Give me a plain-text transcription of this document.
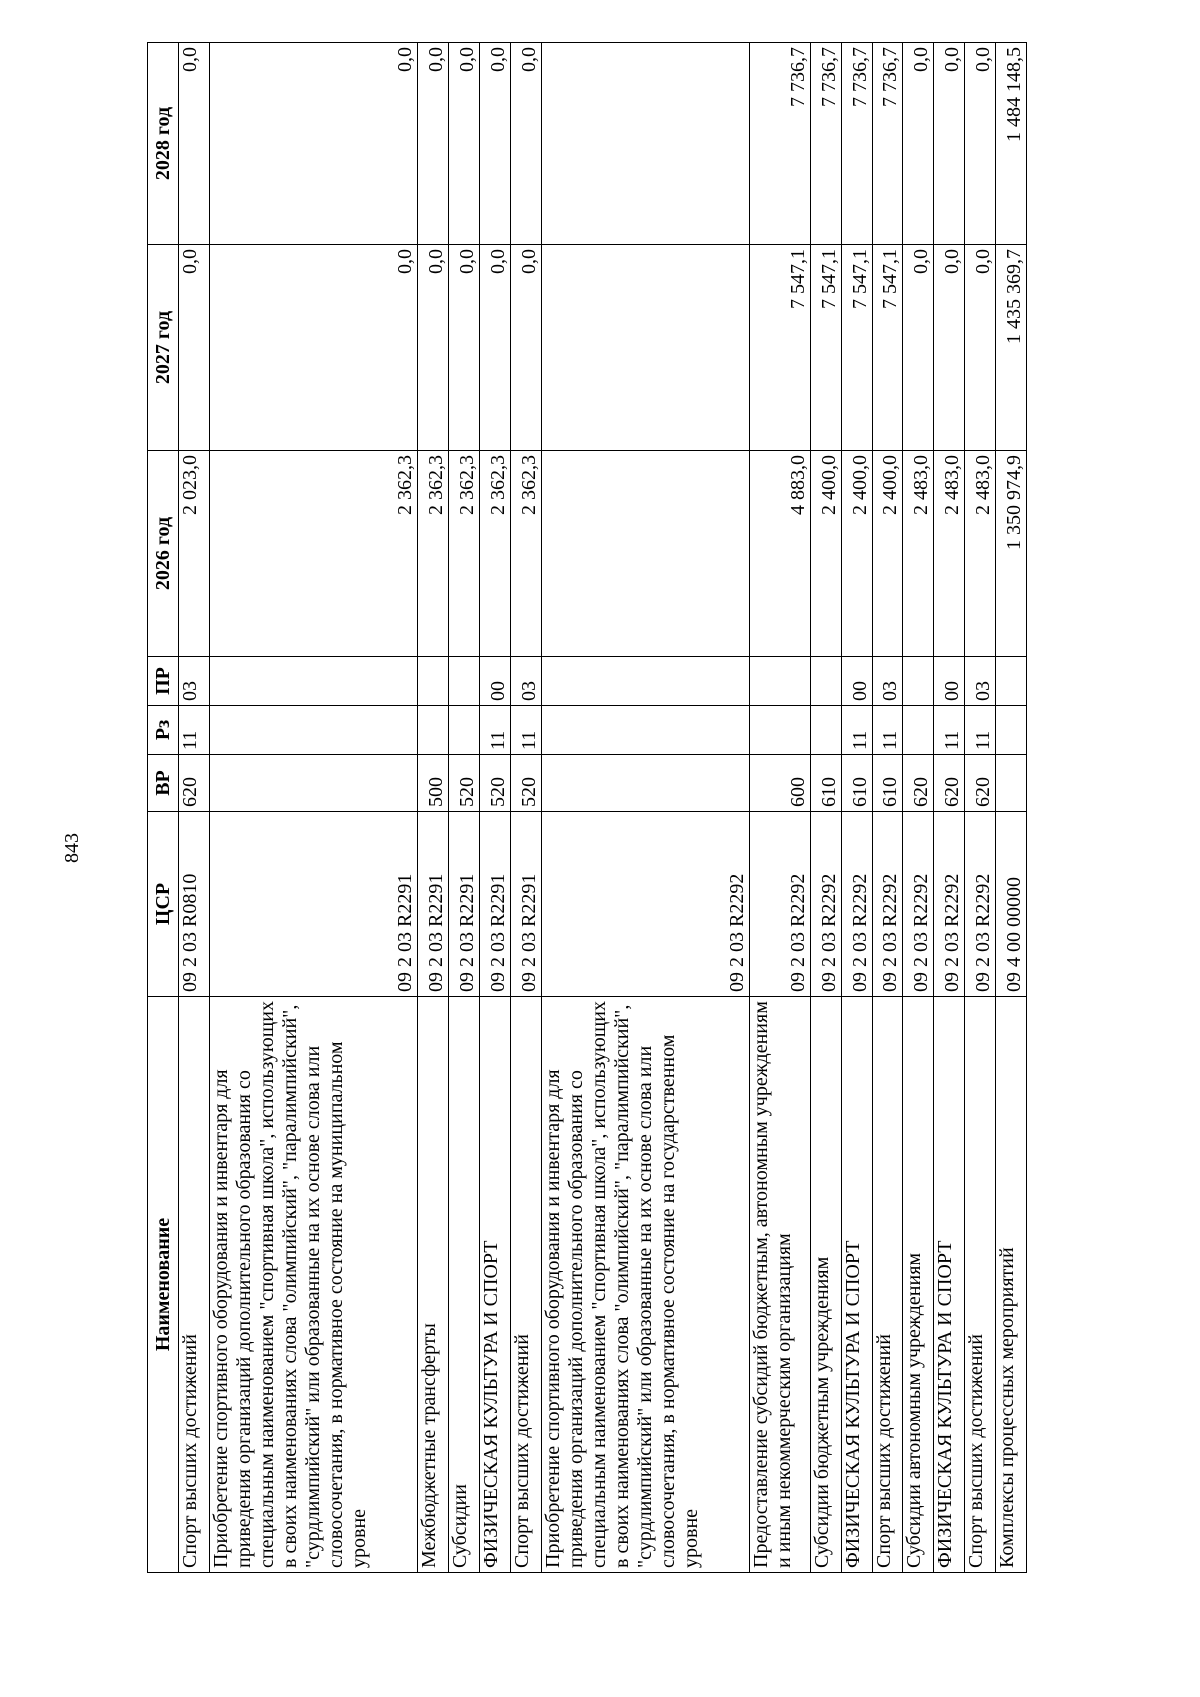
843
Наименование	ЦСР	ВР	Рз	ПР	2026 год	2027 год	2028 год
Спорт высших достижений	09 2 03 R0810	620	11	03	2 023,0	0,0	0,0
Приобретение спортивного оборудования и инвентаря для приведения организаций дополнительного образования со специальным наименованием "спортивная школа", использующих в своих наименованиях слова "олимпийский", "паралимпийский", "сурдлимпийский" или образованные на их основе слова или словосочетания, в нормативное состояние на муниципальном уровне	09 2 03 R2291				2 362,3	0,0	0,0
Межбюджетные трансферты	09 2 03 R2291	500			2 362,3	0,0	0,0
Субсидии	09 2 03 R2291	520			2 362,3	0,0	0,0
ФИЗИЧЕСКАЯ КУЛЬТУРА И СПОРТ	09 2 03 R2291	520	11	00	2 362,3	0,0	0,0
Спорт высших достижений	09 2 03 R2291	520	11	03	2 362,3	0,0	0,0
Приобретение спортивного оборудования и инвентаря для приведения организаций дополнительного образования со специальным наименованием "спортивная школа", использующих в своих наименованиях слова "олимпийский", "паралимпийский", "сурдлимпийский" или образованные на их основе слова или словосочетания, в нормативное состояние на государственном уровне	09 2 03 R2292						
Предоставление субсидий бюджетным, автономным учреждениям и иным некоммерческим организациям	09 2 03 R2292	600			4 883,0	7 547,1	7 736,7
Субсидии бюджетным учреждениям	09 2 03 R2292	610			2 400,0	7 547,1	7 736,7
ФИЗИЧЕСКАЯ КУЛЬТУРА И СПОРТ	09 2 03 R2292	610	11	00	2 400,0	7 547,1	7 736,7
Спорт высших достижений	09 2 03 R2292	610	11	03	2 400,0	7 547,1	7 736,7
Субсидии автономным учреждениям	09 2 03 R2292	620			2 483,0	0,0	0,0
ФИЗИЧЕСКАЯ КУЛЬТУРА И СПОРТ	09 2 03 R2292	620	11	00	2 483,0	0,0	0,0
Спорт высших достижений	09 2 03 R2292	620	11	03	2 483,0	0,0	0,0
Комплексы процессных мероприятий	09 4 00 00000				1 350 974,9	1 435 369,7	1 484 148,5
